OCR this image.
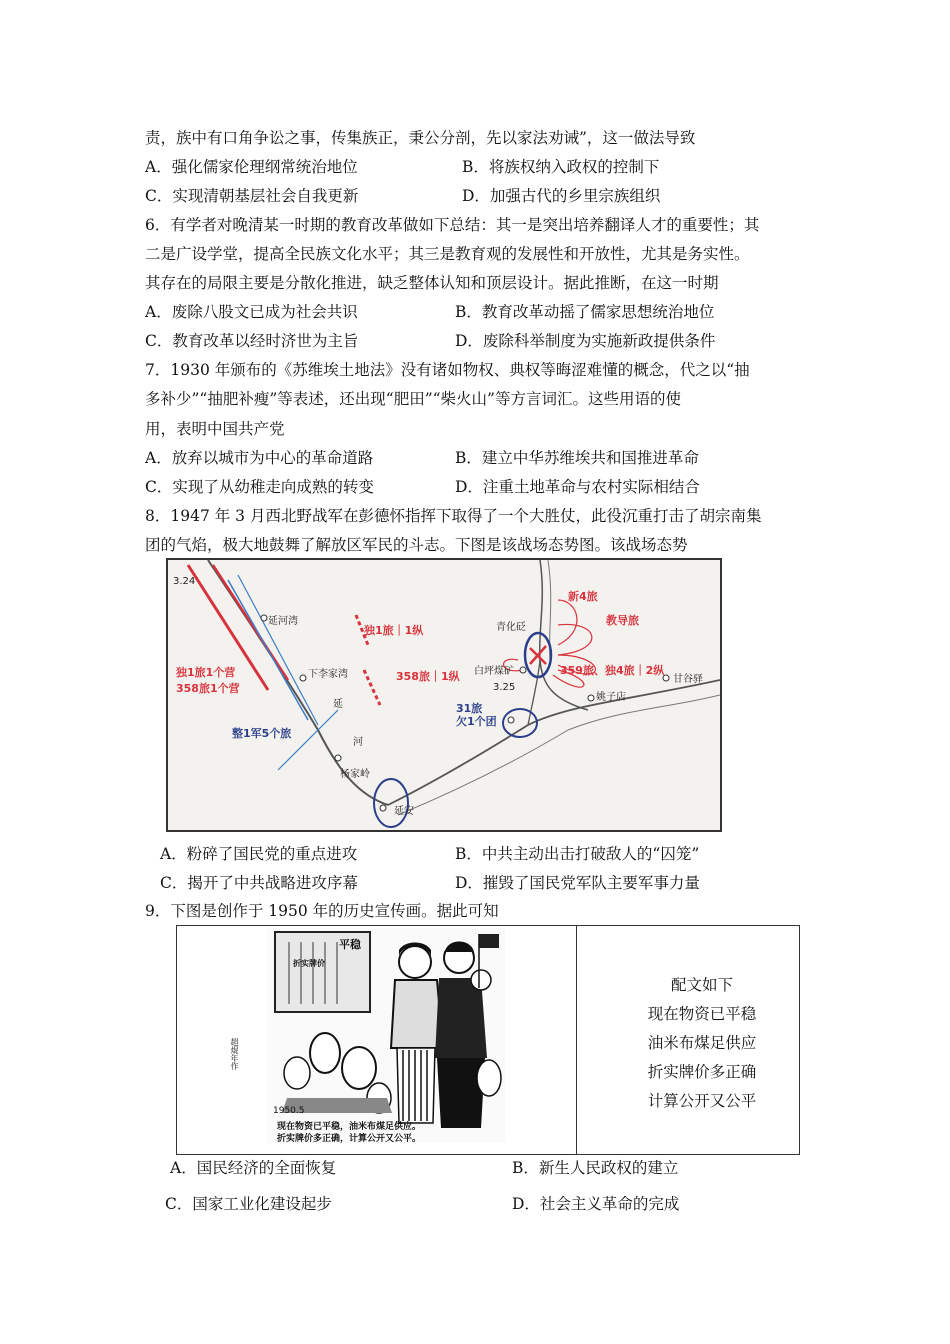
责，族中有口角争讼之事，传集族正，秉公分剖，先以家法劝诫”，这一做法导致
A．强化儒家伦理纲常统治地位	B．将族权纳入政权的控制下
C．实现清朝基层社会自我更新	D．加强古代的乡里宗族组织
6．有学者对晚清某一时期的教育改革做如下总结：其一是突出培养翻译人才的重要性；其
二是广设学堂，提高全民族文化水平；其三是教育观的发展性和开放性，尤其是务实性。
其存在的局限主要是分散化推进，缺乏整体认知和顶层设计。据此推断，在这一时期
A．废除八股文已成为社会共识	B．教育改革动摇了儒家思想统治地位
C．教育改革以经时济世为主旨	D．废除科举制度为实施新政提供条件
7．1930 年颁布的《苏维埃土地法》没有诸如物权、典权等晦涩难懂的概念，代之以“抽
多补少”“抽肥补瘦”等表述，还出现“肥田”“柴火山”等方言词汇。这些用语的使
用，表明中国共产党
A．放弃以城市为中心的革命道路	B．建立中华苏维埃共和国推进革命
C．实现了从幼稚走向成熟的转变	D．注重土地革命与农村实际相结合
8．1947 年 3 月西北野战军在彭德怀指挥下取得了一个大胜仗，此役沉重打击了胡宗南集
团的气焰，极大地鼓舞了解放区军民的斗志。下图是该战场态势图。该战场态势
3.24
3.25
延河湾
下李家湾
延
河
杨家岭
延安
青化砭
白坪煤矿
姚子店
甘谷驿
新4旅
教导旅
独1旅｜1纵
358旅｜1纵	359旅、独4旅｜2纵
独1旅1个营
358旅1个营
整1军5个旅
31旅
欠1个团
A．粉碎了国民党的重点进攻	B．中共主动出击打破敌人的“囚笼”
C．揭开了中共战略进攻序幕	D．摧毁了国民党军队主要军事力量
9．下图是创作于 1950 年的历史宣传画。据此可知
平稳
折实牌价
1950.5
现在物资已平稳，油米布煤足供应。
折实牌价多正确，计算公开又公平。
超焜年作
配文如下
现在物资已平稳
油米布煤足供应
折实牌价多正确
计算公开又公平
A．国民经济的全面恢复	B．新生人民政权的建立
C．国家工业化建设起步	D．社会主义革命的完成
